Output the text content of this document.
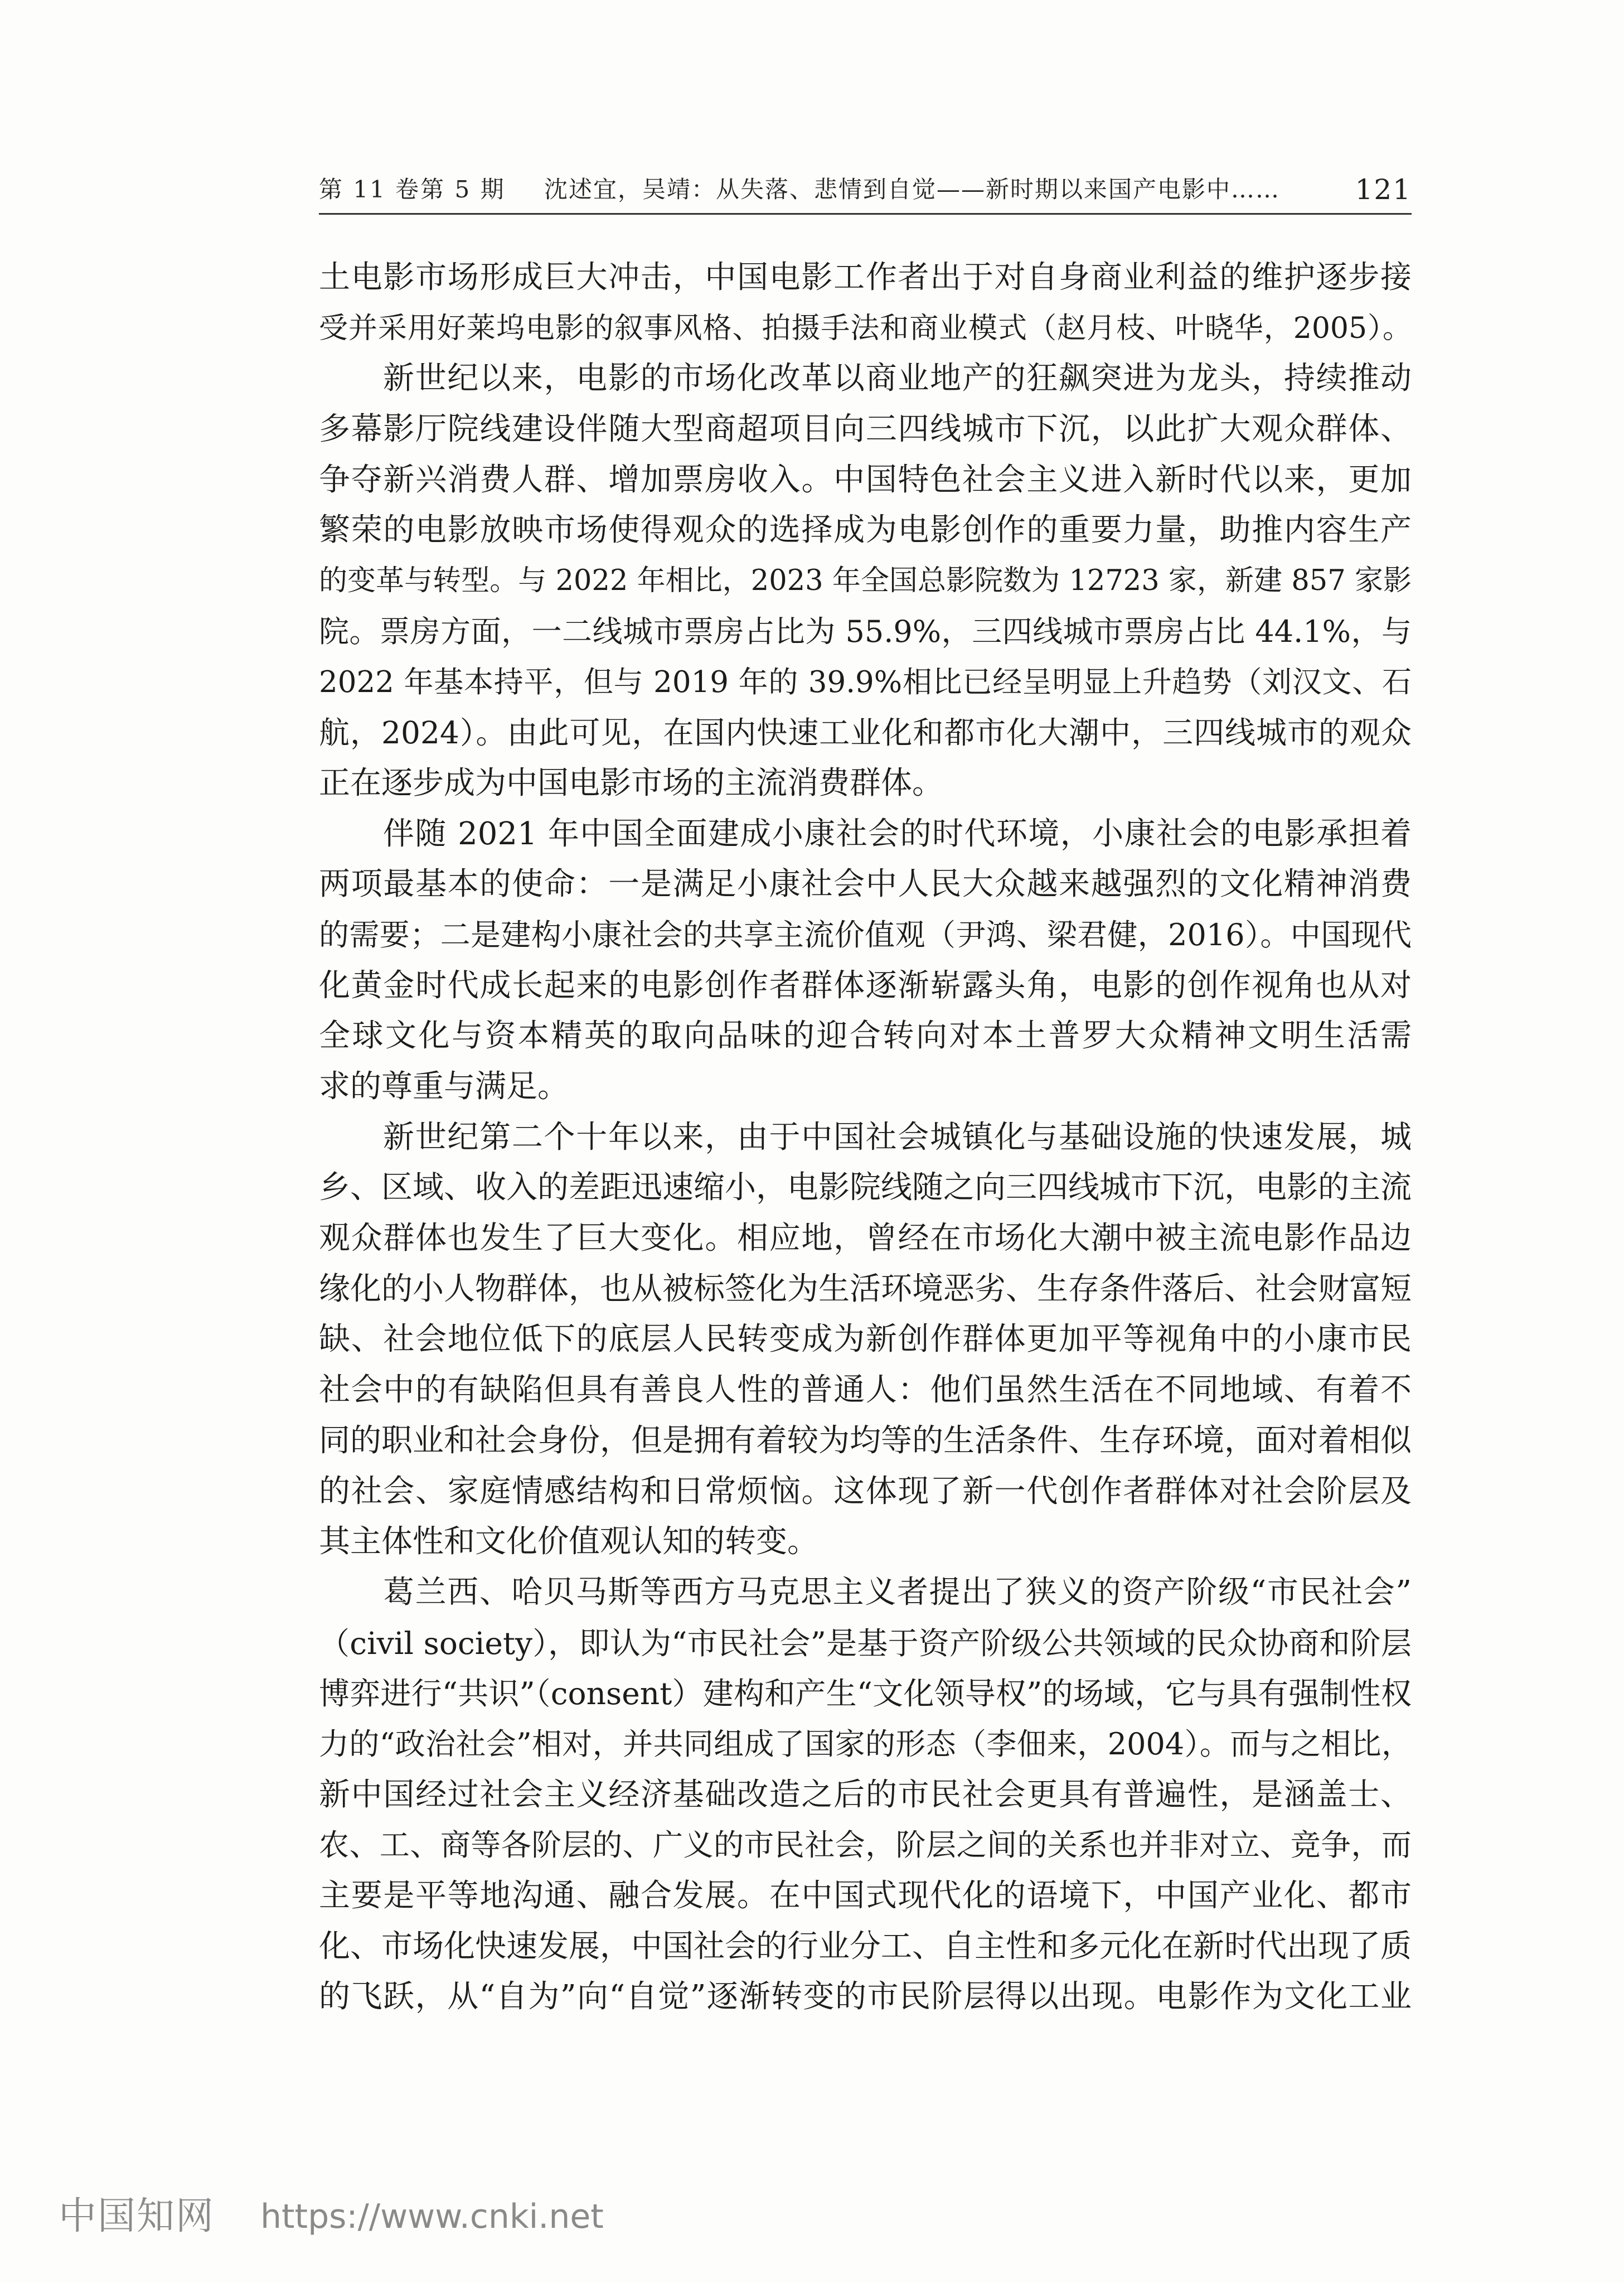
第 11 卷第 5 期 沈述宜，吴靖：从失落、悲情到自觉——新时期以来国产电影中……	121
土电影市场形成巨大冲击，中国电影工作者出于对自身商业利益的维护逐步接
受并采用好莱坞电影的叙事风格、拍摄手法和商业模式（赵月枝、叶晓华，2005）。
新世纪以来，电影的市场化改革以商业地产的狂飙突进为龙头，持续推动
多幕影厅院线建设伴随大型商超项目向三四线城市下沉，以此扩大观众群体、
争夺新兴消费人群、增加票房收入。中国特色社会主义进入新时代以来，更加
繁荣的电影放映市场使得观众的选择成为电影创作的重要力量，助推内容生产
的变革与转型。与 2022 年相比，2023 年全国总影院数为 12723 家，新建 857 家影
院。票房方面，一二线城市票房占比为 55.9%，三四线城市票房占比 44.1%，与
2022 年基本持平，但与 2019 年的 39.9%相比已经呈明显上升趋势（刘汉文、石
航，2024）。由此可见，在国内快速工业化和都市化大潮中，三四线城市的观众
正在逐步成为中国电影市场的主流消费群体。
伴随 2021 年中国全面建成小康社会的时代环境，小康社会的电影承担着
两项最基本的使命：一是满足小康社会中人民大众越来越强烈的文化精神消费
的需要；二是建构小康社会的共享主流价值观（尹鸿、梁君健，2016）。中国现代
化黄金时代成长起来的电影创作者群体逐渐崭露头角，电影的创作视角也从对
全球文化与资本精英的取向品味的迎合转向对本土普罗大众精神文明生活需
求的尊重与满足。
新世纪第二个十年以来，由于中国社会城镇化与基础设施的快速发展，城
乡、区域、收入的差距迅速缩小，电影院线随之向三四线城市下沉，电影的主流
观众群体也发生了巨大变化。相应地，曾经在市场化大潮中被主流电影作品边
缘化的小人物群体，也从被标签化为生活环境恶劣、生存条件落后、社会财富短
缺、社会地位低下的底层人民转变成为新创作群体更加平等视角中的小康市民
社会中的有缺陷但具有善良人性的普通人：他们虽然生活在不同地域、有着不
同的职业和社会身份，但是拥有着较为均等的生活条件、生存环境，面对着相似
的社会、家庭情感结构和日常烦恼。这体现了新一代创作者群体对社会阶层及
其主体性和文化价值观认知的转变。
葛兰西、哈贝马斯等西方马克思主义者提出了狭义的资产阶级“市民社会”
（civil society），即认为“市民社会”是基于资产阶级公共领域的民众协商和阶层
博弈进行“共识”（consent）建构和产生“文化领导权”的场域，它与具有强制性权
力的“政治社会”相对，并共同组成了国家的形态（李佃来，2004）。而与之相比，
新中国经过社会主义经济基础改造之后的市民社会更具有普遍性，是涵盖士、
农、工、商等各阶层的、广义的市民社会，阶层之间的关系也并非对立、竞争，而
主要是平等地沟通、融合发展。在中国式现代化的语境下，中国产业化、都市
化、市场化快速发展，中国社会的行业分工、自主性和多元化在新时代出现了质
的飞跃，从“自为”向“自觉”逐渐转变的市民阶层得以出现。电影作为文化工业
中国知网 https://www.cnki.net
